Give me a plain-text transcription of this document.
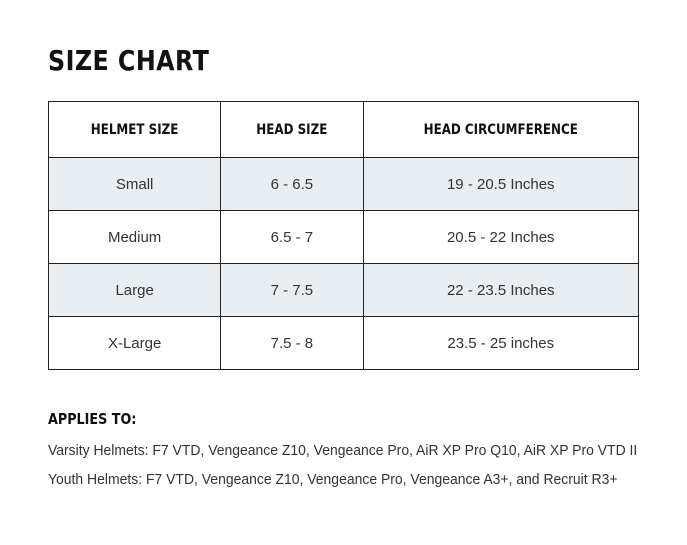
SIZE CHART
HELMET SIZE	HEAD SIZE	HEAD CIRCUMFERENCE
Small	6 - 6.5	19 - 20.5 Inches
Medium	6.5 - 7	20.5 - 22 Inches
Large	7 - 7.5	22 - 23.5 Inches
X-Large	7.5 - 8	23.5 - 25 inches
APPLIES TO:

Varsity Helmets: F7 VTD, Vengeance Z10, Vengeance Pro, AiR XP Pro Q10, AiR XP Pro VTD II

Youth Helmets: F7 VTD, Vengeance Z10, Vengeance Pro, Vengeance A3+, and Recruit R3+
